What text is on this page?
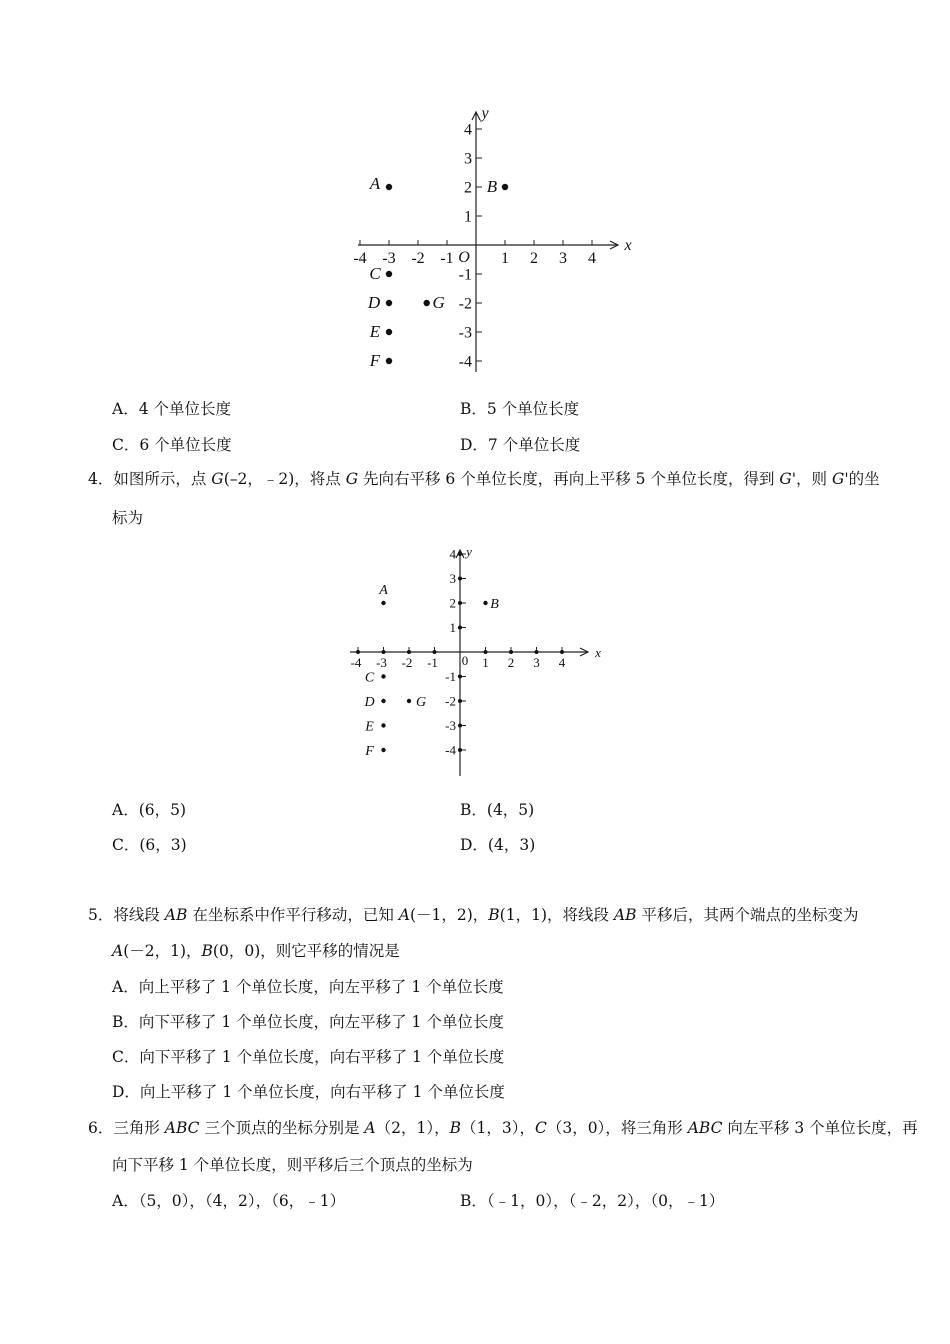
x
y
O
-4 -3 -2 -1	1 2 3 4
4
3
2
1
-1
-2
-3
-4
A	B
C
D	G
E
F
A．4 个单位长度	B．5 个单位长度
C．6 个单位长度	D．7 个单位长度
4．如图所示，点 G(–2，﹣2)，将点 G 先向右平移 6 个单位长度，再向上平移 5 个单位长度，得到 G'，则 G'的坐
标为
x
y
0
-4 -3 -2 -1	1 2 3 4
4
3
2
1
-1
-2
-3
-4
A
B
C
D	G
E
F
A．(6，5)	B．(4，5)
C．(6，3)	D．(4，3)
5．将线段 AB 在坐标系中作平行移动，已知 A(－1，2)，B(1，1)，将线段 AB 平移后，其两个端点的坐标变为
A(－2，1)，B(0，0)，则它平移的情况是
A．向上平移了 1 个单位长度，向左平移了 1 个单位长度
B．向下平移了 1 个单位长度，向左平移了 1 个单位长度
C．向下平移了 1 个单位长度，向右平移了 1 个单位长度
D．向上平移了 1 个单位长度，向右平移了 1 个单位长度
6．三角形 ABC 三个顶点的坐标分别是 A（2，1），B（1，3），C（3，0），将三角形 ABC 向左平移 3 个单位长度，再
向下平移 1 个单位长度，则平移后三个顶点的坐标为
A．（5，0），（4，2），（6，﹣1）	B．（﹣1，0），（﹣2，2），（0，﹣1）
